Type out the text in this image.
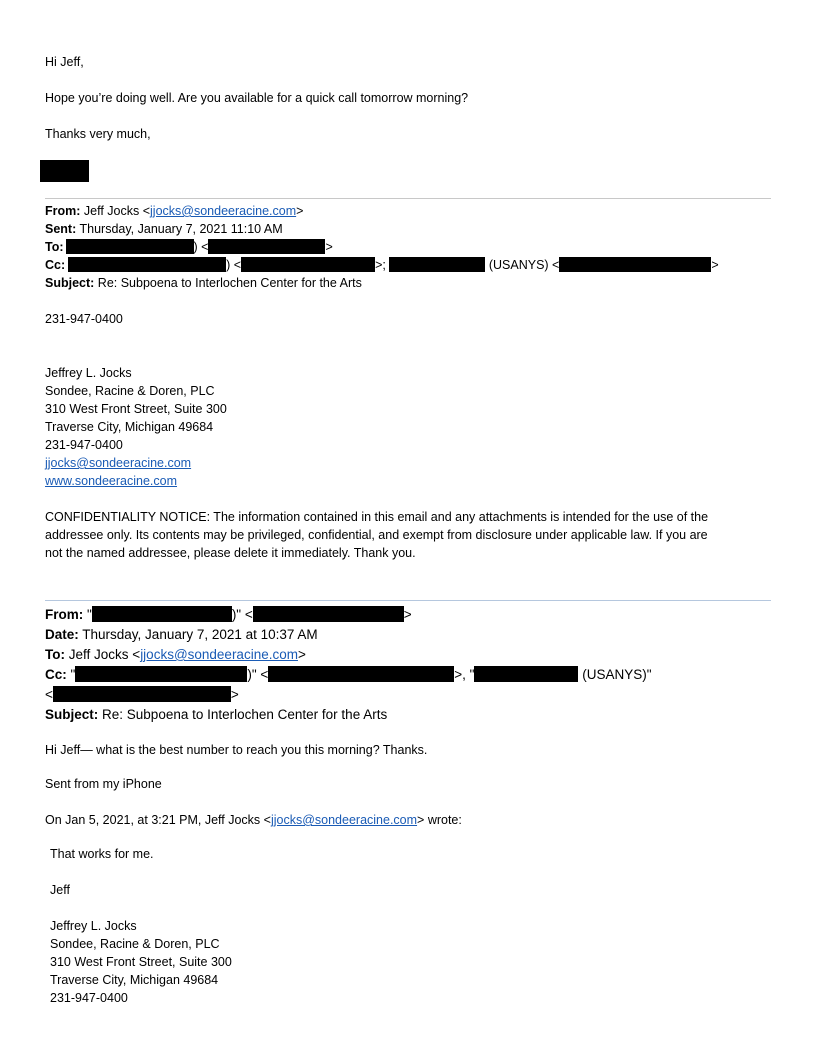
Hi Jeff,
Hope you’re doing well. Are you available for a quick call tomorrow morning?
Thanks very much,
From: Jeff Jocks <jjocks@sondeeracine.com>
Sent: Thursday, January 7, 2021 11:10 AM
To:	) <	>
Cc:	) <	>;	(USANYS) <	>
Subject: Re: Subpoena to Interlochen Center for the Arts
231-947-0400
Jeffrey L. Jocks
Sondee, Racine & Doren, PLC
310 West Front Street, Suite 300
Traverse City, Michigan 49684
231-947-0400
jjocks@sondeeracine.com
www.sondeeracine.com
CONFIDENTIALITY NOTICE: The information contained in this email and any attachments is intended for the use of the
addressee only. Its contents may be privileged, confidential, and exempt from disclosure under applicable law. If you are
not the named addressee, please delete it immediately. Thank you.
From: "	)" <	>
Date: Thursday, January 7, 2021 at 10:37 AM
To: Jeff Jocks <jjocks@sondeeracine.com>
Cc: "	)" <	>, "	(USANYS)"
<	>
Subject: Re: Subpoena to Interlochen Center for the Arts
Hi Jeff— what is the best number to reach you this morning? Thanks.
Sent from my iPhone
On Jan 5, 2021, at 3:21 PM, Jeff Jocks <jjocks@sondeeracine.com> wrote:
That works for me.
Jeff
Jeffrey L. Jocks
Sondee, Racine & Doren, PLC
310 West Front Street, Suite 300
Traverse City, Michigan 49684
231-947-0400
